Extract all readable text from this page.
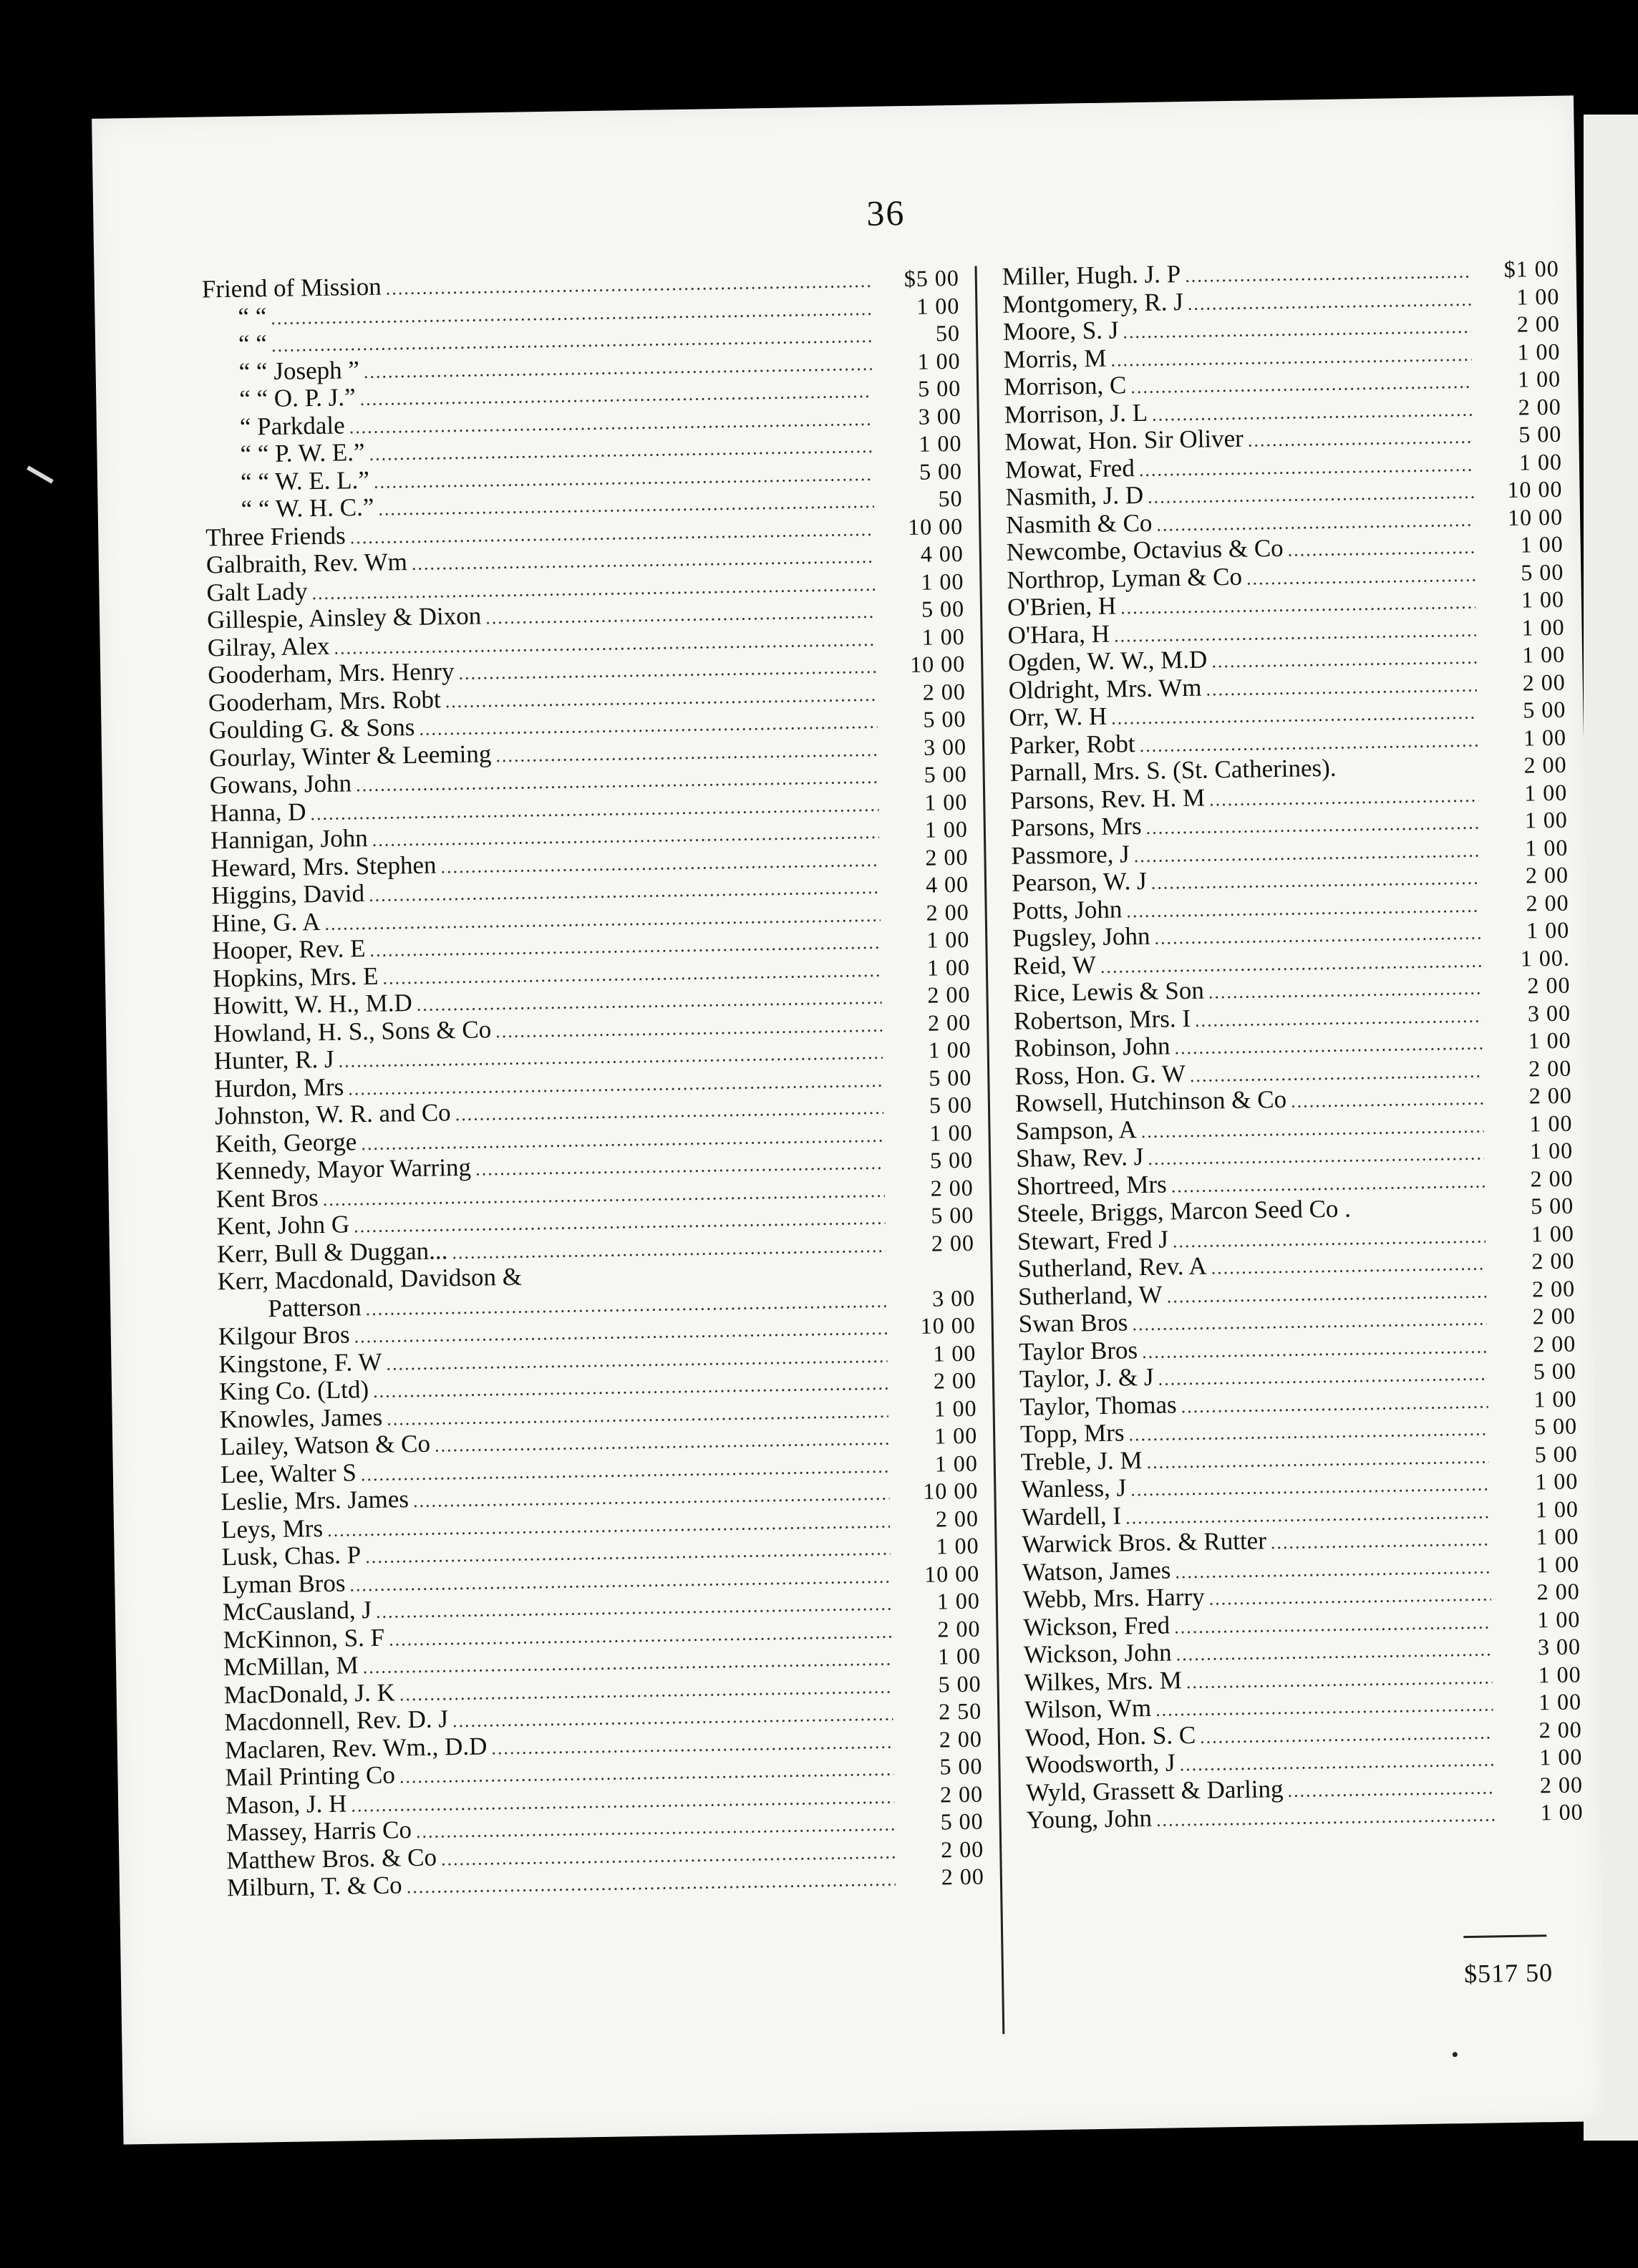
36
Friend of Mission .....	$5 00
“ “ .....	1 00
“ “ .....	50
“ “ Joseph ” .....	1 00
“ “ O. P. J.” .....	5 00
“ Parkdale .....	3 00
“ “ P. W. E.” .....	1 00
“ “ W. E. L.” .....	5 00
“ “ W. H. C.” .....	50
Three Friends .....	10 00
Galbraith, Rev. Wm .....	4 00
Galt Lady .....	1 00
Gillespie, Ainsley & Dixon .....	5 00
Gilray, Alex .....	1 00
Gooderham, Mrs. Henry .....	10 00
Gooderham, Mrs. Robt .....	2 00
Goulding G. & Sons .....	5 00
Gourlay, Winter & Leeming .....	3 00
Gowans, John .....	5 00
Hanna, D .....	1 00
Hannigan, John .....	1 00
Heward, Mrs. Stephen .....	2 00
Higgins, David .....	4 00
Hine, G. A .....	2 00
Hooper, Rev. E .....	1 00
Hopkins, Mrs. E .....	1 00
Howitt, W. H., M.D .....	2 00
Howland, H. S., Sons & Co .....	2 00
Hunter, R. J .....	1 00
Hurdon, Mrs .....	5 00
Johnston, W. R. and Co .....	5 00
Keith, George .....	1 00
Kennedy, Mayor Warring .....	5 00
Kent Bros .....	2 00
Kent, John G .....	5 00
Kerr, Bull & Duggan... .....	2 00
Kerr, Macdonald, Davidson &
Patterson .....	3 00
Kilgour Bros .....	10 00
Kingstone, F. W .....	1 00
King Co. (Ltd) .....	2 00
Knowles, James .....	1 00
Lailey, Watson & Co .....	1 00
Lee, Walter S .....	1 00
Leslie, Mrs. James .....	10 00
Leys, Mrs .....	2 00
Lusk, Chas. P .....	1 00
Lyman Bros .....	10 00
McCausland, J .....	1 00
McKinnon, S. F .....	2 00
McMillan, M .....	1 00
MacDonald, J. K .....	5 00
Macdonnell, Rev. D. J .....	2 50
Maclaren, Rev. Wm., D.D .....	2 00
Mail Printing Co .....	5 00
Mason, J. H .....	2 00
Massey, Harris Co .....	5 00
Matthew Bros. & Co .....	2 00
Milburn, T. & Co .....	2 00
Miller, Hugh. J. P .....	$1 00
Montgomery, R. J .....	1 00
Moore, S. J .....	2 00
Morris, M .....	1 00
Morrison, C .....	1 00
Morrison, J. L .....	2 00
Mowat, Hon. Sir Oliver .....	5 00
Mowat, Fred .....	1 00
Nasmith, J. D .....	10 00
Nasmith & Co .....	10 00
Newcombe, Octavius & Co .....	1 00
Northrop, Lyman & Co .....	5 00
O'Brien, H .....	1 00
O'Hara, H .....	1 00
Ogden, W. W., M.D .....	1 00
Oldright, Mrs. Wm .....	2 00
Orr, W. H .....	5 00
Parker, Robt .....	1 00
Parnall, Mrs. S. (St. Catherines).	2 00
Parsons, Rev. H. M .....	1 00
Parsons, Mrs .....	1 00
Passmore, J .....	1 00
Pearson, W. J .....	2 00
Potts, John .....	2 00
Pugsley, John .....	1 00
Reid, W .....	1 00.
Rice, Lewis & Son .....	2 00
Robertson, Mrs. I .....	3 00
Robinson, John .....	1 00
Ross, Hon. G. W .....	2 00
Rowsell, Hutchinson & Co .....	2 00
Sampson, A .....	1 00
Shaw, Rev. J .....	1 00
Shortreed, Mrs .....	2 00
Steele, Briggs, Marcon Seed Co .	5 00
Stewart, Fred J .....	1 00
Sutherland, Rev. A .....	2 00
Sutherland, W .....	2 00
Swan Bros .....	2 00
Taylor Bros .....	2 00
Taylor, J. & J .....	5 00
Taylor, Thomas .....	1 00
Topp, Mrs .....	5 00
Treble, J. M .....	5 00
Wanless, J .....	1 00
Wardell, I .....	1 00
Warwick Bros. & Rutter .....	1 00
Watson, James .....	1 00
Webb, Mrs. Harry .....	2 00
Wickson, Fred .....	1 00
Wickson, John .....	3 00
Wilkes, Mrs. M .....	1 00
Wilson, Wm .....	1 00
Wood, Hon. S. C .....	2 00
Woodsworth, J .....	1 00
Wyld, Grassett & Darling .....	2 00
Young, John .....	1 00
$517 50
